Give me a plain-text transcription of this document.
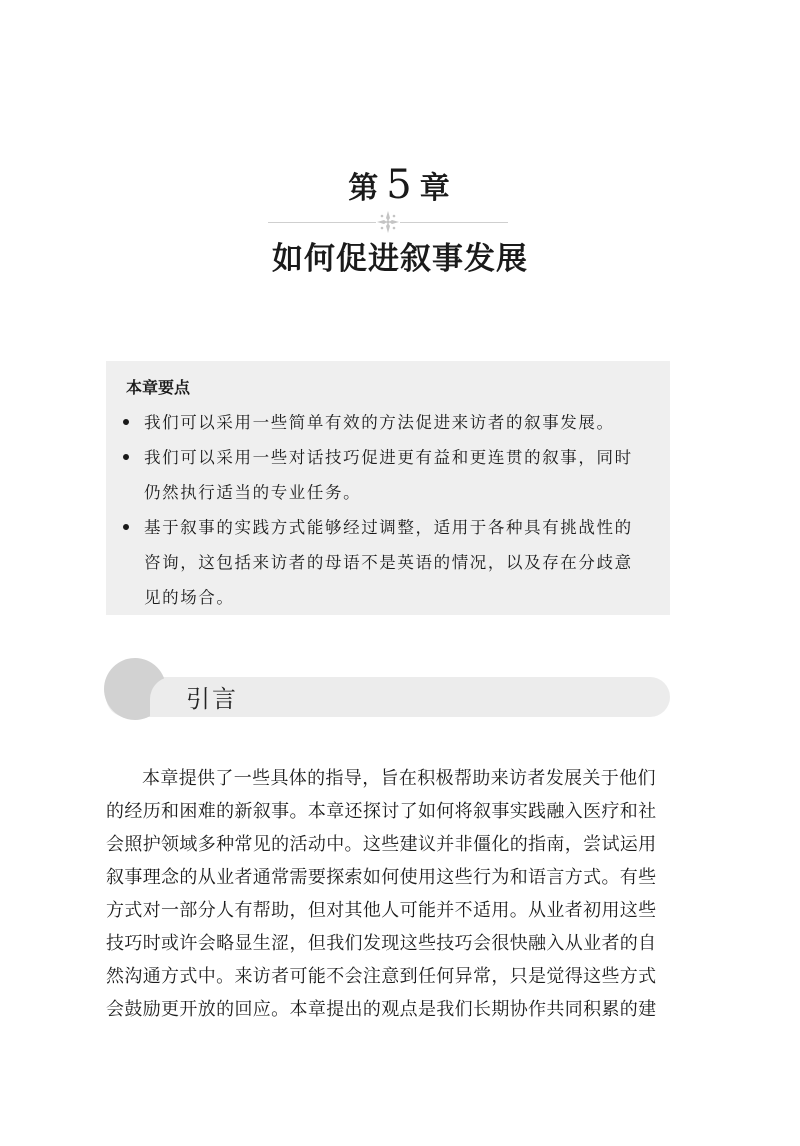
第 5 章
如何促进叙事发展
本章要点
我们可以采用一些简单有效的方法促进来访者的叙事发展。
我们可以采用一些对话技巧促进更有益和更连贯的叙事，同时
仍然执行适当的专业任务。
基于叙事的实践方式能够经过调整，适用于各种具有挑战性的
咨询，这包括来访者的母语不是英语的情况，以及存在分歧意
见的场合。
引言
本章提供了一些具体的指导，旨在积极帮助来访者发展关于他们
的经历和困难的新叙事。本章还探讨了如何将叙事实践融入医疗和社
会照护领域多种常见的活动中。这些建议并非僵化的指南，尝试运用
叙事理念的从业者通常需要探索如何使用这些行为和语言方式。有些
方式对一部分人有帮助，但对其他人可能并不适用。从业者初用这些
技巧时或许会略显生涩，但我们发现这些技巧会很快融入从业者的自
然沟通方式中。来访者可能不会注意到任何异常，只是觉得这些方式
会鼓励更开放的回应。本章提出的观点是我们长期协作共同积累的建
